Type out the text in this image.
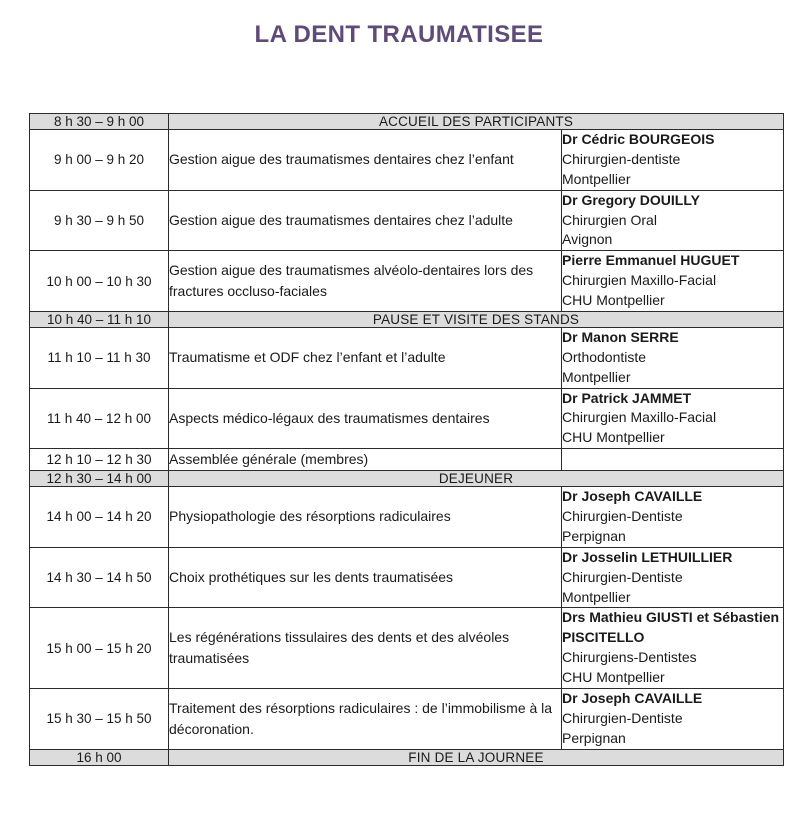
LA DENT TRAUMATISEE
8 h 30 – 9 h 00	ACCUEIL DES PARTICIPANTS	
9 h 00 – 9 h 20	Gestion aigue des traumatismes dentaires chez l’enfant	Dr Cédric BOURGEOIS
Chirurgien-dentiste
Montpellier

9 h 30 – 9 h 50	Gestion aigue des traumatismes dentaires chez l’adulte	Dr Gregory DOUILLY
Chirurgien Oral
Avignon

10 h 00 – 10 h 30	Gestion aigue des traumatismes alvéolo-dentaires lors des fractures occluso-faciales	Pierre Emmanuel HUGUET
Chirurgien Maxillo-Facial
CHU Montpellier

10 h 40 – 11 h 10	PAUSE ET VISITE DES STANDS	
11 h 10 – 11 h 30	Traumatisme et ODF chez l’enfant et l’adulte	Dr Manon SERRE
Orthodontiste
Montpellier

11 h 40 – 12 h 00	Aspects médico-légaux des traumatismes dentaires	Dr Patrick JAMMET
Chirurgien Maxillo-Facial
CHU Montpellier

12 h 10 – 12 h 30	Assemblée générale (membres)	
12 h 30 – 14 h 00	DEJEUNER	
14 h 00 – 14 h 20	Physiopathologie des résorptions radiculaires	Dr Joseph CAVAILLE
Chirurgien-Dentiste
Perpignan

14 h 30 – 14 h 50	Choix prothétiques sur les dents traumatisées	Dr Josselin LETHUILLIER
Chirurgien-Dentiste
Montpellier

15 h 00 – 15 h 20	Les régénérations tissulaires des dents et des alvéoles traumatisées	Drs Mathieu GIUSTI et Sébastien PISCITELLO
Chirurgiens-Dentistes
CHU Montpellier

15 h 30 – 15 h 50	Traitement des résorptions radiculaires : de l’immobilisme à la décoronation.	Dr Joseph CAVAILLE
Chirurgien-Dentiste
Perpignan

16 h 00	FIN DE LA JOURNEE	
